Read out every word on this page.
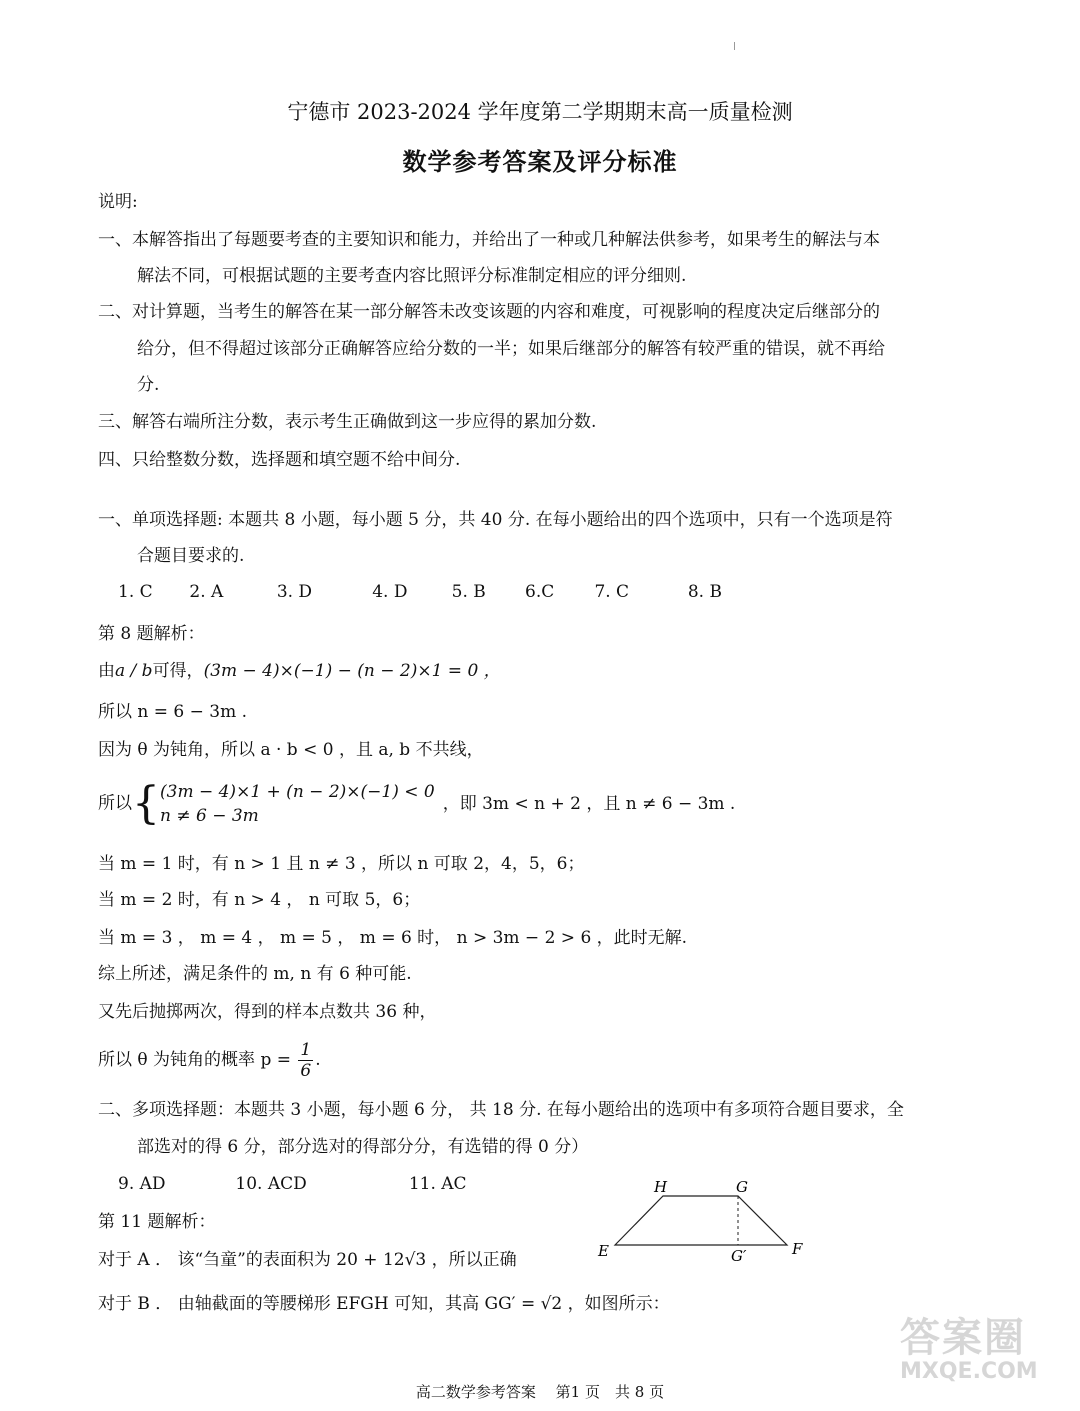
宁德市 2023-2024 学年度第二学期期末高一质量检测
数学参考答案及评分标准
说明:
一、本解答指出了每题要考查的主要知识和能力，并给出了一种或几种解法供参考，如果考生的解法与本
解法不同，可根据试题的主要考查内容比照评分标准制定相应的评分细则.
二、对计算题，当考生的解答在某一部分解答未改变该题的内容和难度，可视影响的程度决定后继部分的
给分，但不得超过该部分正确解答应给分数的一半；如果后继部分的解答有较严重的错误，就不再给
分.
三、解答右端所注分数，表示考生正确做到这一步应得的累加分数.
四、只给整数分数，选择题和填空题不给中间分.
一、单项选择题: 本题共 8 小题，每小题 5 分，共 40 分. 在每小题给出的四个选项中，只有一个选项是符
合题目要求的.
1. C 2. A	3. D	4. D	5. B 6.C 7. C	8. B
第 8 题解析：
由a / b可得，(3m − 4)×(−1) − (n − 2)×1 = 0 ，
所以 n = 6 − 3m .
因为 θ 为钝角，所以 a · b < 0 ，且 a, b 不共线，
所以{ (3m − 4)×1 + (n − 2)×(−1) < 0
n ≠ 6 − 3m
，即 3m < n + 2 ，且 n ≠ 6 − 3m .
当 m = 1 时，有 n > 1 且 n ≠ 3 ，所以 n 可取 2，4，5，6；
当 m = 2 时，有 n > 4 ， n 可取 5，6；
当 m = 3 ， m = 4 ， m = 5 ， m = 6 时， n > 3m − 2 > 6 ，此时无解.
综上所述，满足条件的 m, n 有 6 种可能.
又先后抛掷两次，得到的样本点数共 36 种，
所以 θ 为钝角的概率 $p = \frac{1}{6}$ .
二、多项选择题：本题共 3 小题，每小题 6 分， 共 18 分. 在每小题给出的选项中有多项符合题目要求，全
部选对的得 6 分，部分选对的得部分分，有选错的得 0 分）
9. AD	10. ACD	11. AC
第 11 题解析：
对于 A ． 该“刍童”的表面积为 20 + 12√3 ，所以正确
对于 B ． 由轴截面的等腰梯形 EFGH 可知，其高 GG′ = √2 ，如图所示：
H	G
E	G′	F
高二数学参考答案　 第1 页　共 8 页
答案圈
MXQE.COM
